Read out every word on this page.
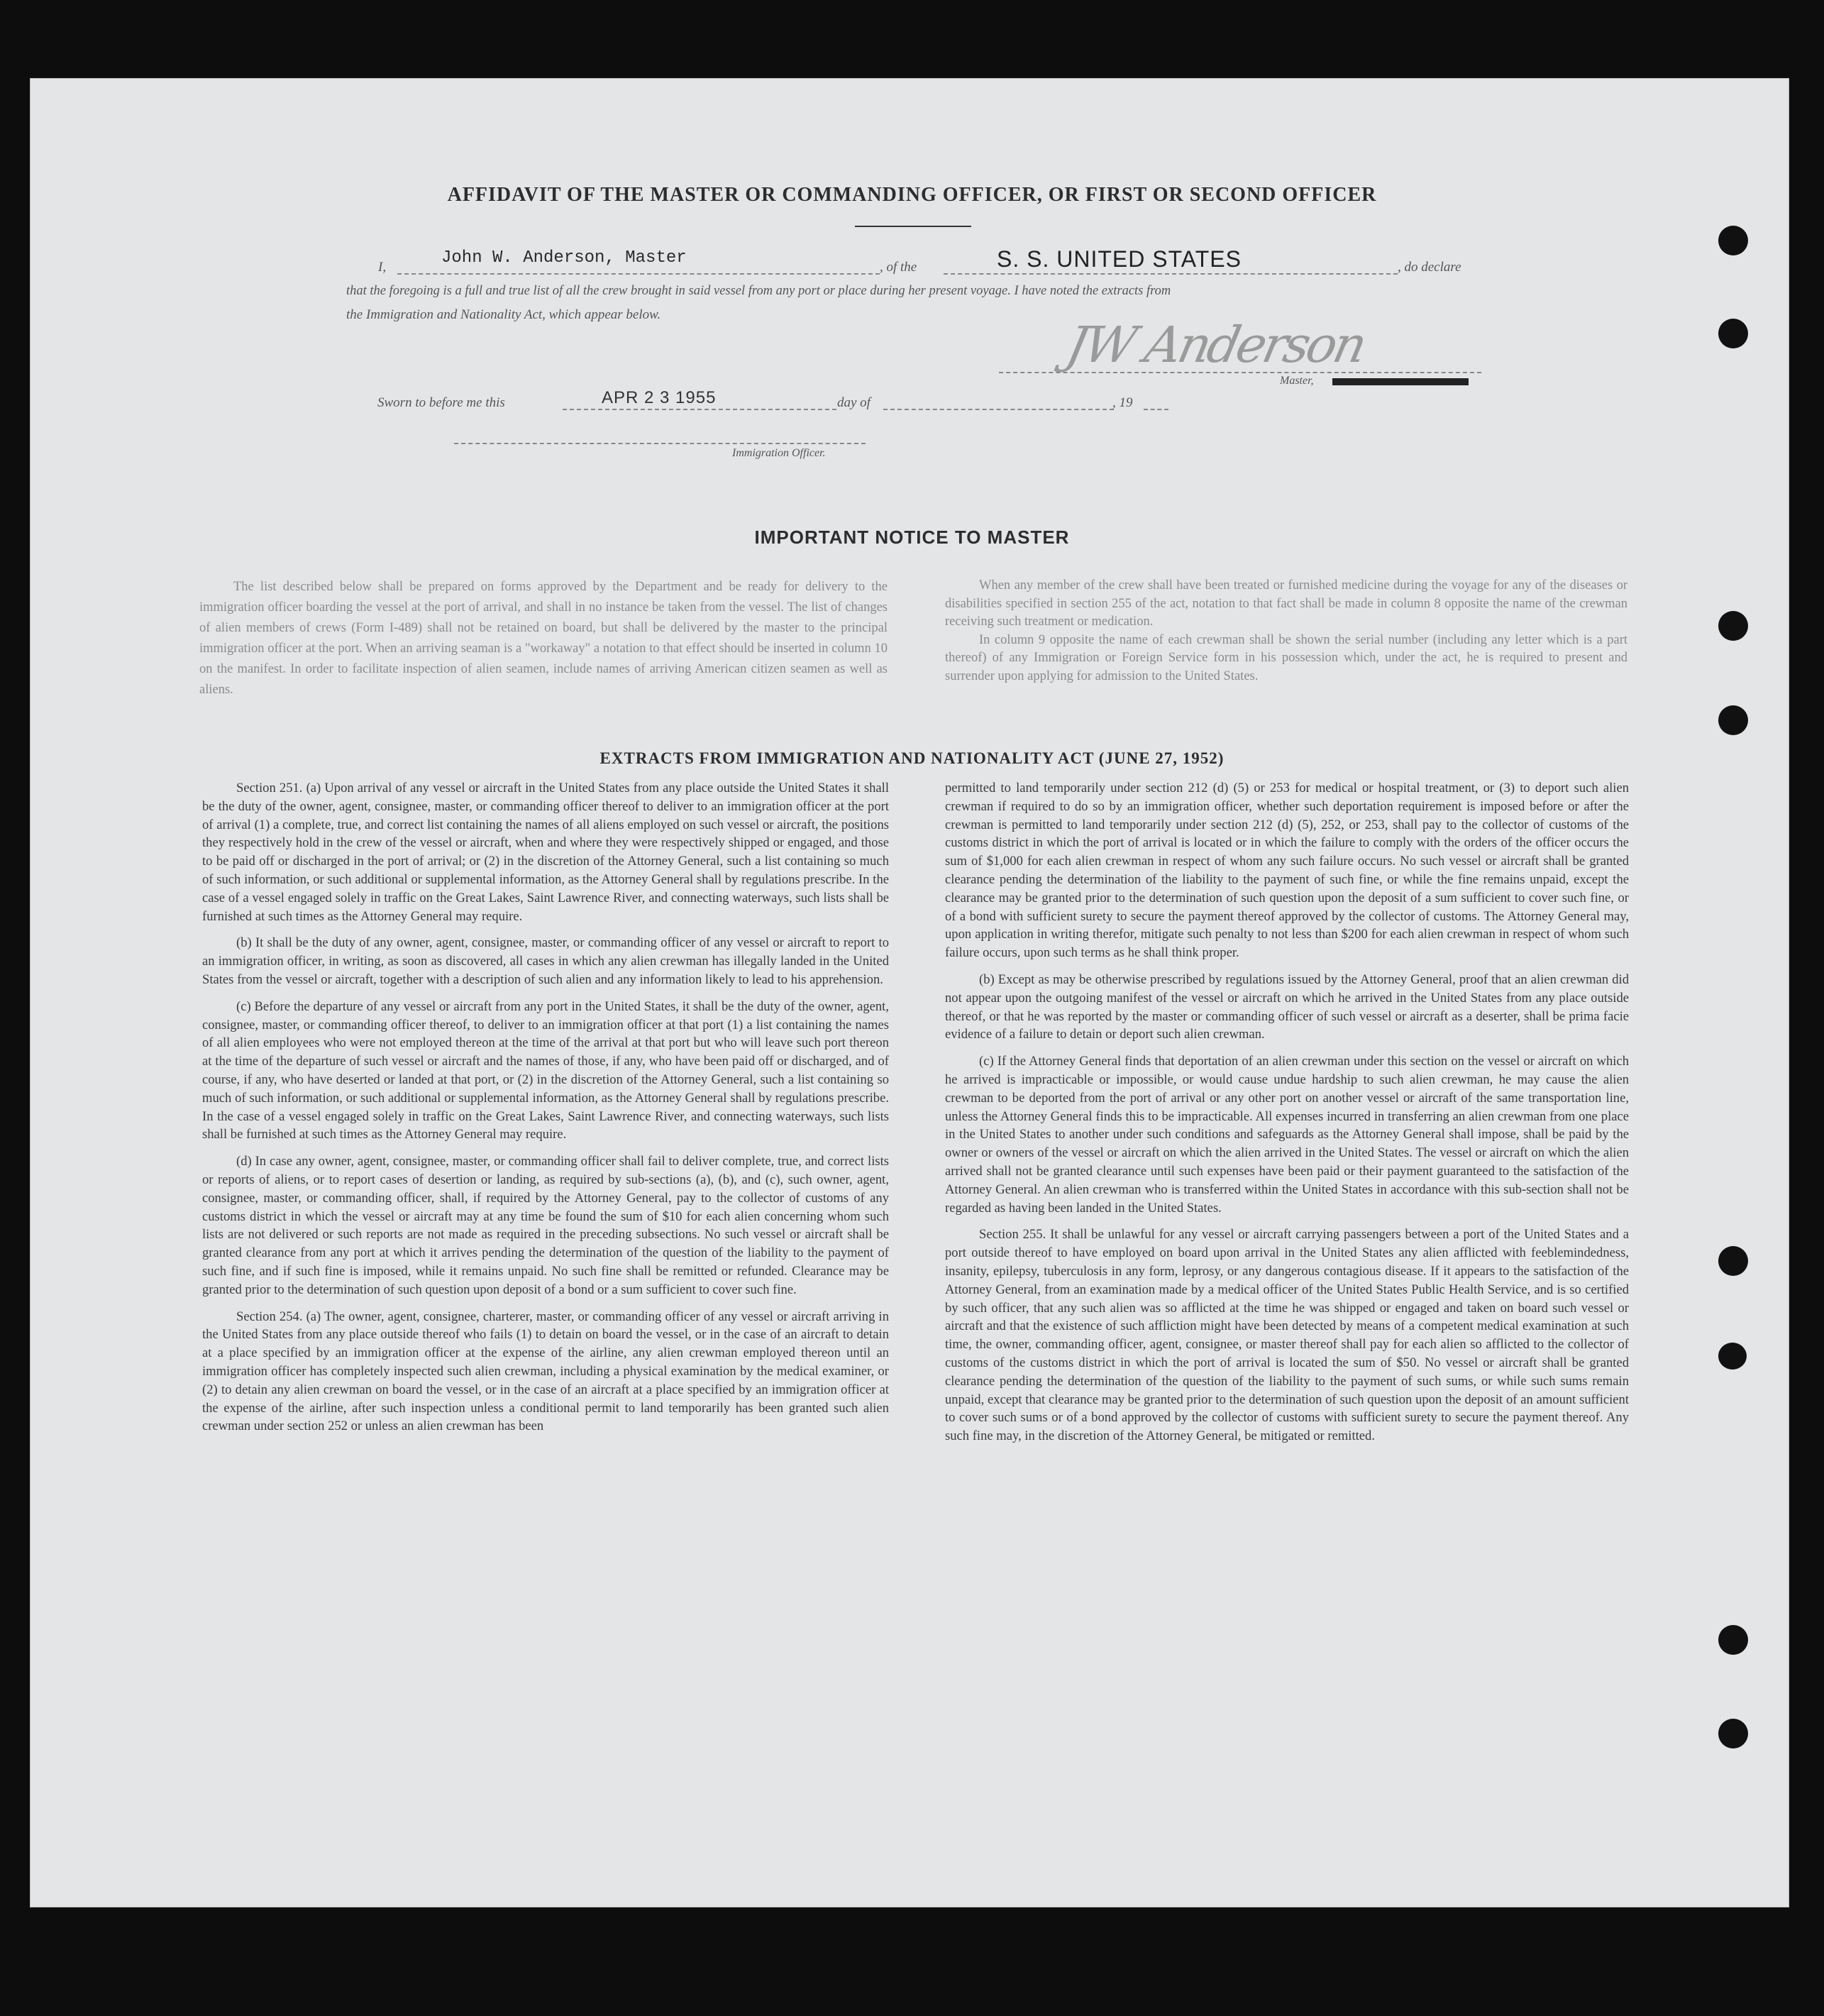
AFFIDAVIT OF THE MASTER OR COMMANDING OFFICER, OR FIRST OR SECOND OFFICER
I,	John W. Anderson, Master	, of the	S. S. UNITED STATES	, do declare
that the foregoing is a full and true list of all the crew brought in said vessel from any port or place during her present voyage. I have noted the extracts from
the Immigration and Nationality Act, which appear below.
JW Anderson
Master,
Sworn to before me this	APR 2 3 1955	day of	, 19
Immigration Officer.
IMPORTANT NOTICE TO MASTER

The list described below shall be prepared on forms approved by the Department and be ready for delivery to the immigration officer boarding the vessel at the port of arrival, and shall in no instance be taken from the vessel. The list of changes of alien members of crews (Form I-489) shall not be retained on board, but shall be delivered by the master to the principal immigration officer at the port. When an arriving seaman is a "workaway" a notation to that effect should be inserted in column 10 on the manifest. In order to facilitate inspection of alien seamen, include names of arriving American citizen seamen as well as aliens.

When any member of the crew shall have been treated or furnished medicine during the voyage for any of the diseases or disabilities specified in section 255 of the act, notation to that fact shall be made in column 8 opposite the name of the crewman receiving such treatment or medication.

In column 9 opposite the name of each crewman shall be shown the serial number (including any letter which is a part thereof) of any Immigration or Foreign Service form in his possession which, under the act, he is required to present and surrender upon applying for admission to the United States.

EXTRACTS FROM IMMIGRATION AND NATIONALITY ACT (JUNE 27, 1952)

Section 251. (a) Upon arrival of any vessel or aircraft in the United States from any place outside the United States it shall be the duty of the owner, agent, consignee, master, or commanding officer thereof to deliver to an immigration officer at the port of arrival (1) a complete, true, and correct list containing the names of all aliens employed on such vessel or aircraft, the positions they respectively hold in the crew of the vessel or aircraft, when and where they were respectively shipped or engaged, and those to be paid off or discharged in the port of arrival; or (2) in the discretion of the Attorney General, such a list containing so much of such information, or such additional or supplemental information, as the Attorney General shall by regulations prescribe. In the case of a vessel engaged solely in traffic on the Great Lakes, Saint Lawrence River, and connecting waterways, such lists shall be furnished at such times as the Attorney General may require.

(b) It shall be the duty of any owner, agent, consignee, master, or commanding officer of any vessel or aircraft to report to an immigration officer, in writing, as soon as discovered, all cases in which any alien crewman has illegally landed in the United States from the vessel or aircraft, together with a description of such alien and any information likely to lead to his apprehension.

(c) Before the departure of any vessel or aircraft from any port in the United States, it shall be the duty of the owner, agent, consignee, master, or commanding officer thereof, to deliver to an immigration officer at that port (1) a list containing the names of all alien employees who were not employed thereon at the time of the arrival at that port but who will leave such port thereon at the time of the departure of such vessel or aircraft and the names of those, if any, who have been paid off or discharged, and of course, if any, who have deserted or landed at that port, or (2) in the discretion of the Attorney General, such a list containing so much of such information, or such additional or supplemental information, as the Attorney General shall by regulations prescribe. In the case of a vessel engaged solely in traffic on the Great Lakes, Saint Lawrence River, and connecting waterways, such lists shall be furnished at such times as the Attorney General may require.

(d) In case any owner, agent, consignee, master, or commanding officer shall fail to deliver complete, true, and correct lists or reports of aliens, or to report cases of desertion or landing, as required by sub-sections (a), (b), and (c), such owner, agent, consignee, master, or commanding officer, shall, if required by the Attorney General, pay to the collector of customs of any customs district in which the vessel or aircraft may at any time be found the sum of $10 for each alien concerning whom such lists are not delivered or such reports are not made as required in the preceding subsections. No such vessel or aircraft shall be granted clearance from any port at which it arrives pending the determination of the question of the liability to the payment of such fine, and if such fine is imposed, while it remains unpaid. No such fine shall be remitted or refunded. Clearance may be granted prior to the determination of such question upon deposit of a bond or a sum sufficient to cover such fine.

Section 254. (a) The owner, agent, consignee, charterer, master, or commanding officer of any vessel or aircraft arriving in the United States from any place outside thereof who fails (1) to detain on board the vessel, or in the case of an aircraft to detain at a place specified by an immigration officer at the expense of the airline, any alien crewman employed thereon until an immigration officer has completely inspected such alien crewman, including a physical examination by the medical examiner, or (2) to detain any alien crewman on board the vessel, or in the case of an aircraft at a place specified by an immigration officer at the expense of the airline, after such inspection unless a conditional permit to land temporarily has been granted such alien crewman under section 252 or unless an alien crewman has been

permitted to land temporarily under section 212 (d) (5) or 253 for medical or hospital treatment, or (3) to deport such alien crewman if required to do so by an immigration officer, whether such deportation requirement is imposed before or after the crewman is permitted to land temporarily under section 212 (d) (5), 252, or 253, shall pay to the collector of customs of the customs district in which the port of arrival is located or in which the failure to comply with the orders of the officer occurs the sum of $1,000 for each alien crewman in respect of whom any such failure occurs. No such vessel or aircraft shall be granted clearance pending the determination of the liability to the payment of such fine, or while the fine remains unpaid, except the clearance may be granted prior to the determination of such question upon the deposit of a sum sufficient to cover such fine, or of a bond with sufficient surety to secure the payment thereof approved by the collector of customs. The Attorney General may, upon application in writing therefor, mitigate such penalty to not less than $200 for each alien crewman in respect of whom such failure occurs, upon such terms as he shall think proper.

(b) Except as may be otherwise prescribed by regulations issued by the Attorney General, proof that an alien crewman did not appear upon the outgoing manifest of the vessel or aircraft on which he arrived in the United States from any place outside thereof, or that he was reported by the master or commanding officer of such vessel or aircraft as a deserter, shall be prima facie evidence of a failure to detain or deport such alien crewman.

(c) If the Attorney General finds that deportation of an alien crewman under this section on the vessel or aircraft on which he arrived is impracticable or impossible, or would cause undue hardship to such alien crewman, he may cause the alien crewman to be deported from the port of arrival or any other port on another vessel or aircraft of the same transportation line, unless the Attorney General finds this to be impracticable. All expenses incurred in transferring an alien crewman from one place in the United States to another under such conditions and safeguards as the Attorney General shall impose, shall be paid by the owner or owners of the vessel or aircraft on which the alien arrived in the United States. The vessel or aircraft on which the alien arrived shall not be granted clearance until such expenses have been paid or their payment guaranteed to the satisfaction of the Attorney General. An alien crewman who is transferred within the United States in accordance with this sub-section shall not be regarded as having been landed in the United States.

Section 255. It shall be unlawful for any vessel or aircraft carrying passengers between a port of the United States and a port outside thereof to have employed on board upon arrival in the United States any alien afflicted with feeblemindedness, insanity, epilepsy, tuberculosis in any form, leprosy, or any dangerous contagious disease. If it appears to the satisfaction of the Attorney General, from an examination made by a medical officer of the United States Public Health Service, and is so certified by such officer, that any such alien was so afflicted at the time he was shipped or engaged and taken on board such vessel or aircraft and that the existence of such affliction might have been detected by means of a competent medical examination at such time, the owner, commanding officer, agent, consignee, or master thereof shall pay for each alien so afflicted to the collector of customs of the customs district in which the port of arrival is located the sum of $50. No vessel or aircraft shall be granted clearance pending the determination of the question of the liability to the payment of such sums, or while such sums remain unpaid, except that clearance may be granted prior to the determination of such question upon the deposit of an amount sufficient to cover such sums or of a bond approved by the collector of customs with sufficient surety to secure the payment thereof. Any such fine may, in the discretion of the Attorney General, be mitigated or remitted.
